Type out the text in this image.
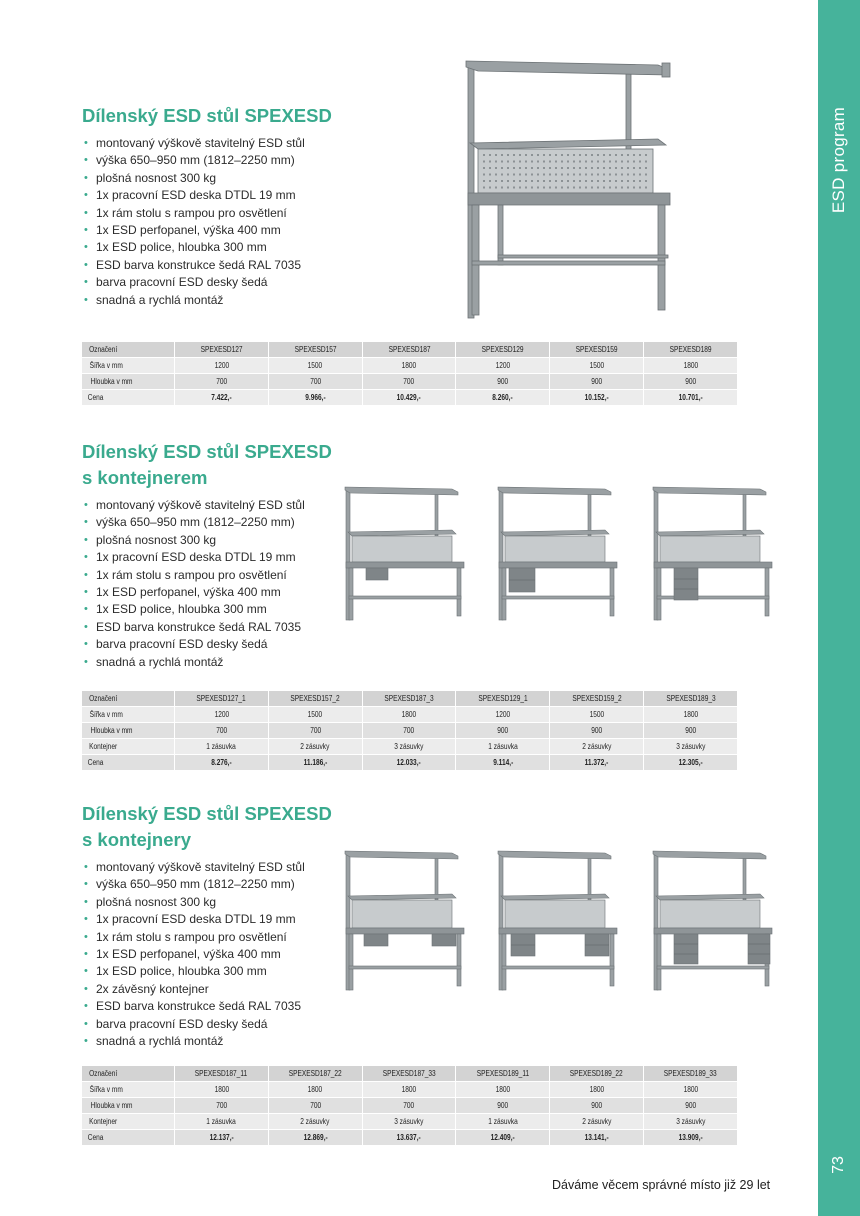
ESD program
73
Dílenský ESD stůl SPEXESD
• montovaný výškově stavitelný ESD stůl
• výška 650–950 mm (1812–2250 mm)
• plošná nosnost 300 kg
• 1x pracovní ESD deska DTDL 19 mm
• 1x rám stolu s rampou pro osvětlení
• 1x ESD perfopanel, výška 400 mm
• 1x ESD police, hloubka 300 mm
• ESD barva konstrukce šedá RAL 7035
• barva pracovní ESD desky šedá
• snadná a rychlá montáž
Označení	SPEXESD127	SPEXESD157	SPEXESD187	SPEXESD129	SPEXESD159	SPEXESD189
Šířka v mm	1200	1500	1800	1200	1500	1800
Hloubka v mm	700	700	700	900	900	900
Cena	7.422,-	9.966,-	10.429,-	8.260,-	10.152,-	10.701,-
Dílenský ESD stůl SPEXESD
s kontejnerem
• montovaný výškově stavitelný ESD stůl
• výška 650–950 mm (1812–2250 mm)
• plošná nosnost 300 kg
• 1x pracovní ESD deska DTDL 19 mm
• 1x rám stolu s rampou pro osvětlení
• 1x ESD perfopanel, výška 400 mm
• 1x ESD police, hloubka 300 mm
• ESD barva konstrukce šedá RAL 7035
• barva pracovní ESD desky šedá
• snadná a rychlá montáž
Označení	SPEXESD127_1	SPEXESD157_2	SPEXESD187_3	SPEXESD129_1	SPEXESD159_2	SPEXESD189_3
Šířka v mm	1200	1500	1800	1200	1500	1800
Hloubka v mm	700	700	700	900	900	900
Kontejner	1 zásuvka	2 zásuvky	3 zásuvky	1 zásuvka	2 zásuvky	3 zásuvky
Cena	8.276,-	11.186,-	12.033,-	9.114,-	11.372,-	12.305,-
Dílenský ESD stůl SPEXESD
s kontejnery
• montovaný výškově stavitelný ESD stůl
• výška 650–950 mm (1812–2250 mm)
• plošná nosnost 300 kg
• 1x pracovní ESD deska DTDL 19 mm
• 1x rám stolu s rampou pro osvětlení
• 1x ESD perfopanel, výška 400 mm
• 1x ESD police, hloubka 300 mm
• 2x závěsný kontejner
• ESD barva konstrukce šedá RAL 7035
• barva pracovní ESD desky šedá
• snadná a rychlá montáž
Označení	SPEXESD187_11	SPEXESD187_22	SPEXESD187_33	SPEXESD189_11	SPEXESD189_22	SPEXESD189_33
Šířka v mm	1800	1800	1800	1800	1800	1800
Hloubka v mm	700	700	700	900	900	900
Kontejner	1 zásuvka	2 zásuvky	3 zásuvky	1 zásuvka	2 zásuvky	3 zásuvky
Cena	12.137,-	12.869,-	13.637,-	12.409,-	13.141,-	13.909,-
Dáváme věcem správné místo již 29 let
